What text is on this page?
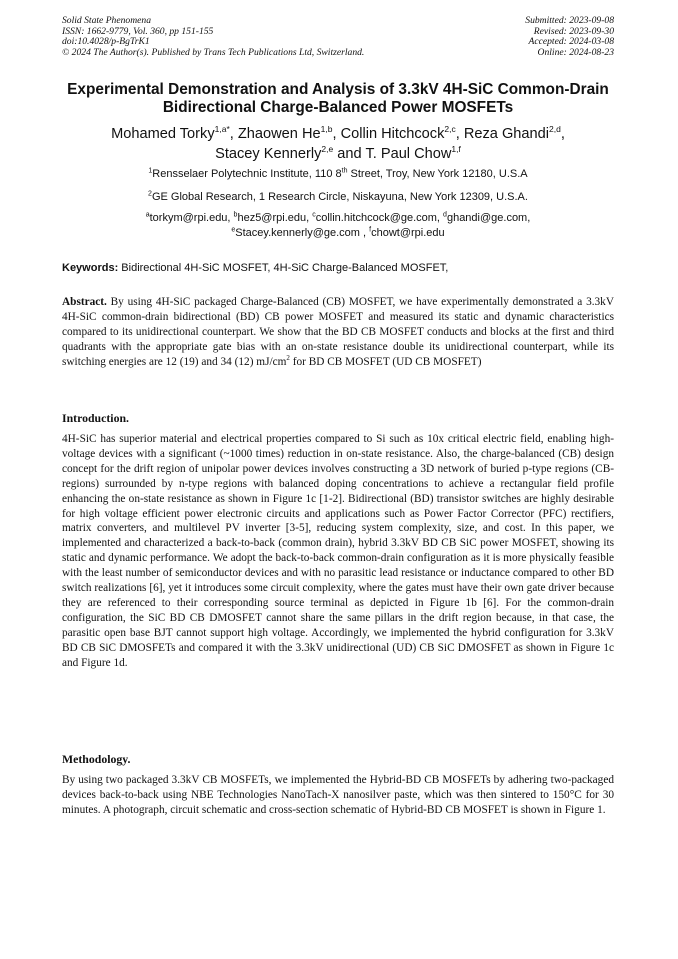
Solid State Phenomena
ISSN: 1662-9779, Vol. 360, pp 151-155
doi:10.4028/p-BgTrK1
© 2024 The Author(s). Published by Trans Tech Publications Ltd, Switzerland.
Submitted: 2023-09-08
Revised: 2023-09-30
Accepted: 2024-03-08
Online: 2024-08-23
Experimental Demonstration and Analysis of 3.3kV 4H-SiC Common-Drain Bidirectional Charge-Balanced Power MOSFETs
Mohamed Torky$^{1,a*}$, Zhaowen He$^{1,b}$, Collin Hitchcock$^{2,c}$, Reza Ghandi$^{2,d}$,
Stacey Kennerly$^{2,e}$ and T. Paul Chow$^{1,f}$
$^1$Rensselaer Polytechnic Institute, 110 8th Street, Troy, New York 12180, U.S.A
$^2$GE Global Research, 1 Research Circle, Niskayuna, New York 12309, U.S.A.
$^a$torkym@rpi.edu, $^b$hez5@rpi.edu, $^c$collin.hitchcock@ge.com, $^d$ghandi@ge.com,
$^e$Stacey.kennerly@ge.com , $^f$chowt@rpi.edu
Keywords: Bidirectional 4H-SiC MOSFET, 4H-SiC Charge-Balanced MOSFET,
Abstract. By using 4H-SiC packaged Charge-Balanced (CB) MOSFET, we have experimentally demonstrated a 3.3kV 4H-SiC common-drain bidirectional (BD) CB power MOSFET and measured its static and dynamic characteristics compared to its unidirectional counterpart. We show that the BD CB MOSFET conducts and blocks at the first and third quadrants with the appropriate gate bias with an on-state resistance double its unidirectional counterpart, while its switching energies are 12 (19) and 34 (12) $mJ/cm^2$ for BD CB MOSFET (UD CB MOSFET)
Introduction.
4H-SiC has superior material and electrical properties compared to Si such as 10x critical electric field, enabling high-voltage devices with a significant (~1000 times) reduction in on-state resistance. Also, the charge-balanced (CB) design concept for the drift region of unipolar power devices involves constructing a 3D network of buried p-type regions (CB-regions) surrounded by n-type regions with balanced doping concentrations to achieve a rectangular field profile enhancing the on-state resistance as shown in Figure 1c [1-2]. Bidirectional (BD) transistor switches are highly desirable for high voltage efficient power electronic circuits and applications such as Power Factor Corrector (PFC) rectifiers, matrix converters, and multilevel PV inverter [3-5], reducing system complexity, size, and cost. In this paper, we implemented and characterized a back-to-back (common drain), hybrid 3.3kV BD CB SiC power MOSFET, showing its static and dynamic performance. We adopt the back-to-back common-drain configuration as it is more physically feasible with the least number of semiconductor devices and with no parasitic lead resistance or inductance compared to other BD switch realizations [6], yet it introduces some circuit complexity, where the gates must have their own gate driver because they are referenced to their corresponding source terminal as depicted in Figure 1b [6]. For the common-drain configuration, the SiC BD CB DMOSFET cannot share the same pillars in the drift region because, in that case, the parasitic open base BJT cannot support high voltage. Accordingly, we implemented the hybrid configuration for 3.3kV BD CB SiC DMOSFETs and compared it with the 3.3kV unidirectional (UD) CB SiC DMOSFET as shown in Figure 1c and Figure 1d.
Methodology.
By using two packaged 3.3kV CB MOSFETs, we implemented the Hybrid-BD CB MOSFETs by adhering two-packaged devices back-to-back using NBE Technologies NanoTach-X nanosilver paste, which was then sintered to 150°C for 30 minutes. A photograph, circuit schematic and cross-section schematic of Hybrid-BD CB MOSFET is shown in Figure 1.
